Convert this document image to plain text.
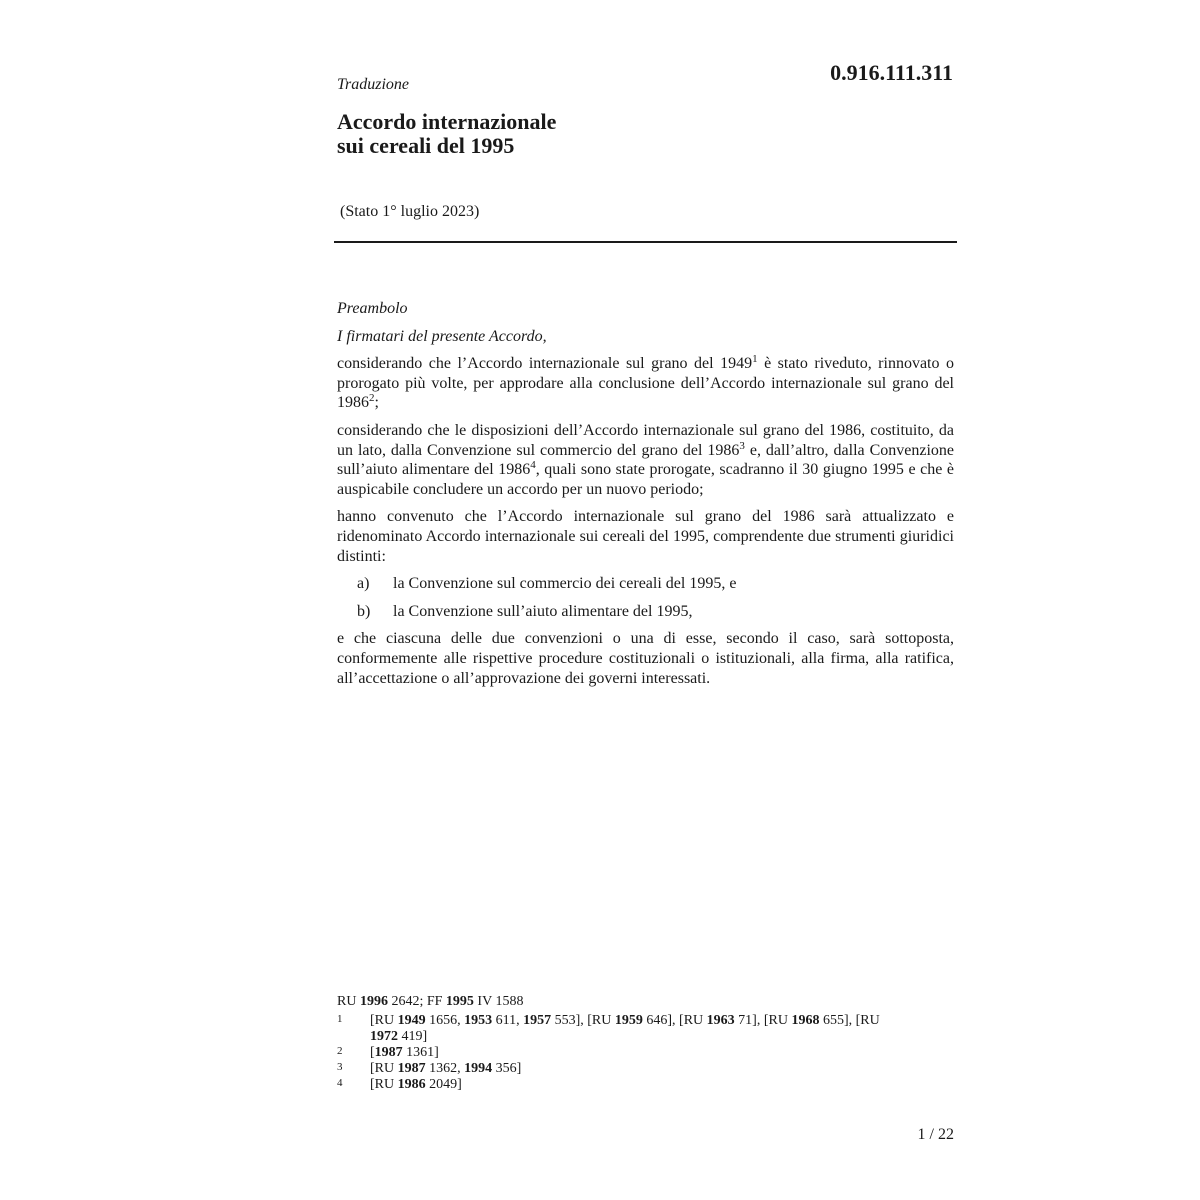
0.916.111.311
Traduzione
Accordo internazionale
sui cereali del 1995
(Stato 1° luglio 2023)

Preambolo

I firmatari del presente Accordo,

considerando che l’Accordo internazionale sul grano del 1949$^1$ è stato riveduto, rinnovato o prorogato più volte, per approdare alla conclusione dell’Accordo internazionale sul grano del 1986$^2$;

considerando che le disposizioni dell’Accordo internazionale sul grano del 1986, costituito, da un lato, dalla Convenzione sul commercio del grano del 1986$^3$ e, dall’altro, dalla Convenzione sull’aiuto alimentare del 1986$^4$, quali sono state prorogate, scadranno il 30 giugno 1995 e che è auspicabile concludere un accordo per un nuovo periodo;

hanno convenuto che l’Accordo internazionale sul grano del 1986 sarà attualizzato e ridenominato Accordo internazionale sui cereali del 1995, comprendente due strumenti giuridici distinti:

a)	la Convenzione sul commercio dei cereali del 1995, e
b)	la Convenzione sull’aiuto alimentare del 1995,

e che ciascuna delle due convenzioni o una di esse, secondo il caso, sarà sottoposta, conformemente alle rispettive procedure costituzionali o istituzionali, alla firma, alla ratifica, all’accettazione o all’approvazione dei governi interessati.

RU 1996 2642; FF 1995 IV 1588
1	[RU 1949 1656, 1953 611, 1957 553], [RU 1959 646], [RU 1963 71], [RU 1968 655], [RU
1972 419]
2	[1987 1361]
3	[RU 1987 1362, 1994 356]
4	[RU 1986 2049]
1 / 22
